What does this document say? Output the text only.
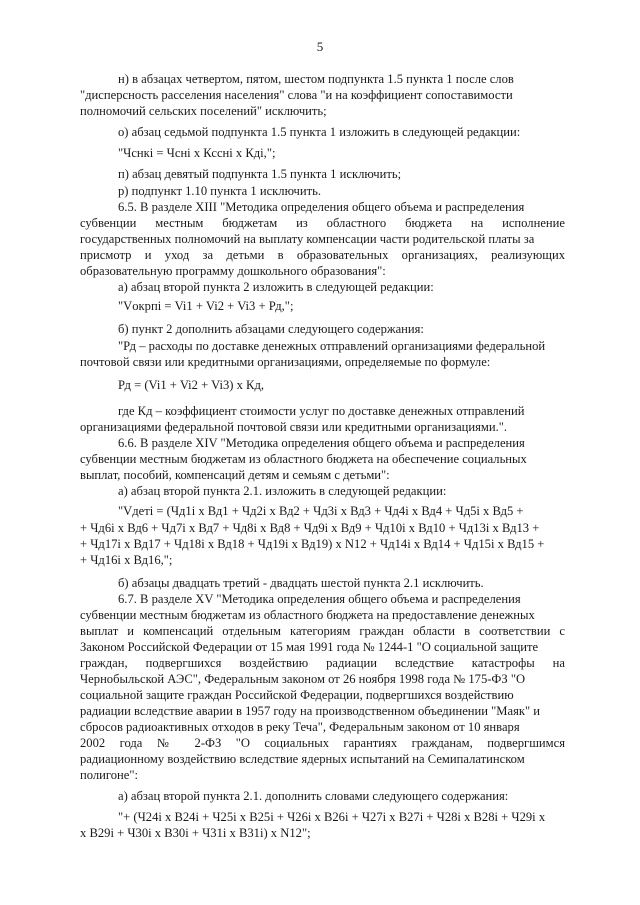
5
н) в абзацах четвертом, пятом, шестом подпункта 1.5 пункта 1 после слов
"дисперсность расселения населения" слова "и на коэффициент сопоставимости
полномочий сельских поселений" исключить;
о) абзац седьмой подпункта 1.5 пункта 1 изложить в следующей редакции:
"Чснкі = Чсні х Кссні х Кдi,";
п) абзац девятый подпункта 1.5 пункта 1 исключить;
р) подпункт 1.10 пункта 1 исключить.
6.5. В разделе XIII "Методика определения общего объема и распределения
субвенции местным бюджетам из областного бюджета на исполнение
государственных полномочий на выплату компенсации части родительской платы за
присмотр и уход за детьми в образовательных организациях, реализующих
образовательную программу дошкольного образования":
а) абзац второй пункта 2 изложить в следующей редакции:
"Vокрпі = Vi1 + Vi2 + Vi3 + Рд,";
б) пункт 2 дополнить абзацами следующего содержания:
"Рд – расходы по доставке денежных отправлений организациями федеральной
почтовой связи или кредитными организациями, определяемые по формуле:
Рд = (Vi1 + Vi2 + Vi3) х Кд,
где Кд – коэффициент стоимости услуг по доставке денежных отправлений
организациями федеральной почтовой связи или кредитными организациями.".
6.6. В разделе XIV "Методика определения общего объема и распределения
субвенции местным бюджетам из областного бюджета на обеспечение социальных
выплат, пособий, компенсаций детям и семьям с детьми":
а) абзац второй пункта 2.1. изложить в следующей редакции:
"Vдетi = (Чд1i х Вд1 + Чд2i х Вд2 + Чд3i х Вд3 + Чд4i х Вд4 + Чд5i х Вд5 +
+ Чд6i х Вд6 + Чд7i х Вд7 + Чд8i х Вд8 + Чд9i х Вд9 + Чд10i х Вд10 + Чд13i х Вд13 +
+ Чд17i х Вд17 + Чд18i х Вд18 + Чд19i х Вд19) х N12 + Чд14i х Вд14 + Чд15i х Вд15 +
+ Чд16i х Вд16,";
б) абзацы двадцать третий - двадцать шестой пункта 2.1 исключить.
6.7. В разделе XV "Методика определения общего объема и распределения
субвенции местным бюджетам из областного бюджета на предоставление денежных
выплат и компенсаций отдельным категориям граждан области в соответствии с
Законом Российской Федерации от 15 мая 1991 года № 1244-1 "О социальной защите
граждан, подвергшихся воздействию радиации вследствие катастрофы на
Чернобыльской АЭС", Федеральным законом от 26 ноября 1998 года № 175-ФЗ "О
социальной защите граждан Российской Федерации, подвергшихся воздействию
радиации вследствие аварии в 1957 году на производственном объединении "Маяк" и
сбросов радиоактивных отходов в реку Теча", Федеральным законом от 10 января
2002 года № 2-ФЗ "О социальных гарантиях гражданам, подвергшимся
радиационному воздействию вследствие ядерных испытаний на Семипалатинском
полигоне":
а) абзац второй пункта 2.1. дополнить словами следующего содержания:
"+ (Ч24i х В24i + Ч25i х В25i + Ч26i х В26i + Ч27i х В27i + Ч28i х В28i + Ч29i х
х В29i + Ч30i х В30i + Ч31i х В31i) х N12";
